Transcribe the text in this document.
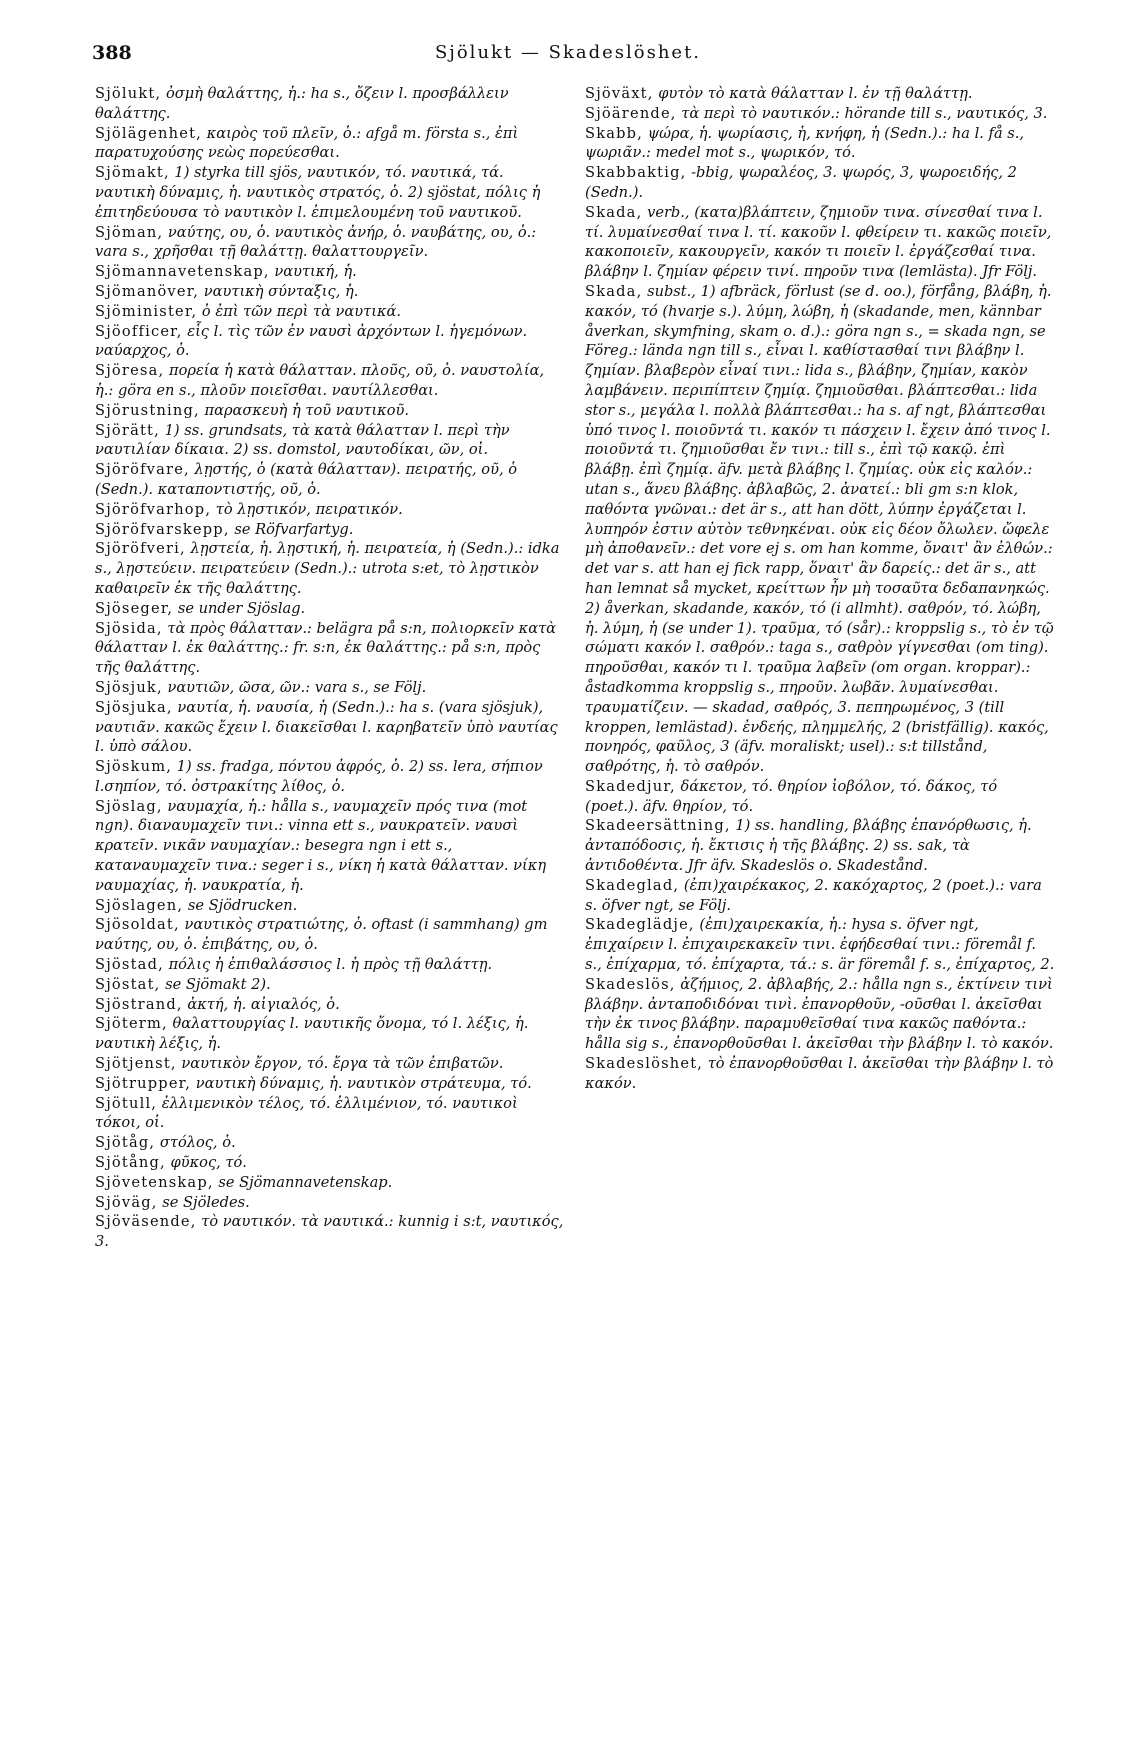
Sjölukt — Skadeslöshet.
388

Sjölukt, ὀσμὴ θαλάττης, ἡ.: ha s., ὄζειν l. προσβάλλειν θαλάττης.

Sjölägenhet, καιρὸς τοῦ πλεῖν, ὁ.: afgå m. första s., ἐπὶ παρατυχούσης νεὼς πορεύεσθαι.

Sjömakt, 1) styrka till sjös, ναυτικόν, τό. ναυτικά, τά. ναυτικὴ δύναμις, ἡ. ναυτικὸς στρατός, ὁ. 2) sjöstat, πόλις ἡ ἐπιτηδεύουσα τὸ ναυτικὸν l. ἐπιμελουμένη τοῦ ναυτικοῦ.

Sjöman, ναύτης, ου, ὁ. ναυτικὸς ἀνήρ, ὁ. ναυβάτης, ου, ὁ.: vara s., χρῆσθαι τῇ θαλάττῃ. θαλαττουργεῖν.

Sjömannavetenskap, ναυτική, ἡ.

Sjömanöver, ναυτικὴ σύνταξις, ἡ.

Sjöminister, ὁ ἐπὶ τῶν περὶ τὰ ναυτικά.

Sjöofficer, εἷς l. τὶς τῶν ἐν ναυσὶ ἀρχόντων l. ἡγεμόνων. ναύαρχος, ὁ.

Sjöresa, πορεία ἡ κατὰ θάλατταν. πλοῦς, οῦ, ὁ. ναυστολία, ἡ.: göra en s., πλοῦν ποιεῖσθαι. ναυτίλλεσθαι.

Sjörustning, παρασκευὴ ἡ τοῦ ναυτικοῦ.

Sjörätt, 1) ss. grundsats, τὰ κατὰ θάλατταν l. περὶ τὴν ναυτιλίαν δίκαια. 2) ss. domstol, ναυτοδίκαι, ῶν, οἱ.

Sjöröfvare, λῃστής, ὁ (κατὰ θάλατταν). πειρατής, οῦ, ὁ (Sedn.). καταποντιστής, οῦ, ὁ.

Sjöröfvarhop, τὸ λῃστικόν, πειρατικόν.

Sjöröfvarskepp, se Röfvarfartyg.

Sjöröfveri, λῃστεία, ἡ. λῃστική, ἡ. πειρατεία, ἡ (Sedn.).: idka s., λῃστεύειν. πειρατεύειν (Sedn.).: utrota s:et, τὸ λῃστικὸν καθαιρεῖν ἐκ τῆς θαλάττης.

Sjöseger, se under Sjöslag.

Sjösida, τὰ πρὸς θάλατταν.: belägra på s:n, πολιορκεῖν κατὰ θάλατταν l. ἐκ θαλάττης.: fr. s:n, ἐκ θαλάττης.: på s:n, πρὸς τῆς θαλάττης.

Sjösjuk, ναυτιῶν, ῶσα, ῶν.: vara s., se Följ.

Sjösjuka, ναυτία, ἡ. ναυσία, ἡ (Sedn.).: ha s. (vara sjösjuk), ναυτιᾶν. κακῶς ἔχειν l. διακεῖσθαι l. καρηβατεῖν ὑπὸ ναυτίας l. ὑπὸ σάλου.

Sjöskum, 1) ss. fradga, πόντου ἀφρός, ὁ. 2) ss. lera, σήπιον l.σηπίον, τό. ὀστρακίτης λίθος, ὁ.

Sjöslag, ναυμαχία, ἡ.: hålla s., ναυμαχεῖν πρός τινα (mot ngn). διαναυμαχεῖν τινι.: vinna ett s., ναυκρατεῖν. ναυσὶ κρατεῖν. νικᾶν ναυμαχίαν.: besegra ngn i ett s., καταναυμαχεῖν τινα.: seger i s., νίκη ἡ κατὰ θάλατταν. νίκη ναυμαχίας, ἡ. ναυκρατία, ἡ.

Sjöslagen, se Sjödrucken.

Sjösoldat, ναυτικὸς στρατιώτης, ὁ. oftast (i sammhang) gm ναύτης, ου, ὁ. ἐπιβάτης, ου, ὁ.

Sjöstad, πόλις ἡ ἐπιθαλάσσιος l. ἡ πρὸς τῇ θαλάττῃ.

Sjöstat, se Sjömakt 2).

Sjöstrand, ἀκτή, ἡ. αἰγιαλός, ὁ.

Sjöterm, θαλαττουργίας l. ναυτικῆς ὄνομα, τό l. λέξις, ἡ. ναυτικὴ λέξις, ἡ.

Sjötjenst, ναυτικὸν ἔργον, τό. ἔργα τὰ τῶν ἐπιβατῶν.

Sjötrupper, ναυτικὴ δύναμις, ἡ. ναυτικὸν στράτευμα, τό.

Sjötull, ἐλλιμενικὸν τέλος, τό. ἐλλιμένιον, τό. ναυτικοὶ τόκοι, οἱ.

Sjötåg, στόλος, ὁ.

Sjötång, φῦκος, τό.

Sjövetenskap, se Sjömannavetenskap.

Sjöväg, se Sjöledes.

Sjöväsende, τὸ ναυτικόν. τὰ ναυτικά.: kunnig i s:t, ναυτικός, 3.

Sjöväxt, φυτὸν τὸ κατὰ θάλατταν l. ἐν τῇ θαλάττῃ.

Sjöärende, τὰ περὶ τὸ ναυτικόν.: hörande till s., ναυτικός, 3.

Skabb, ψώρα, ἡ. ψωρίασις, ἡ, κνήφη, ἡ (Sedn.).: ha l. få s., ψωριᾶν.: medel mot s., ψωρικόν, τό.

Skabbaktig, -bbig, ψωραλέος, 3. ψωρός, 3, ψωροειδής, 2 (Sedn.).

Skada, verb., (κατα)βλάπτειν, ζημιοῦν τινα. σίνεσθαί τινα l. τί. λυμαίνεσθαί τινα l. τί. κακοῦν l. φθείρειν τι. κακῶς ποιεῖν, κακοποιεῖν, κακουργεῖν, κακόν τι ποιεῖν l. ἐργάζεσθαί τινα. βλάβην l. ζημίαν φέρειν τινί. πηροῦν τινα (lemlästa). Jfr Följ.

Skada, subst., 1) afbräck, förlust (se d. oo.), förfång, βλάβη, ἡ. κακόν, τό (hvarje s.). λύμη, λώβη, ἡ (skadande, men, kännbar åverkan, skymfning, skam o. d.).: göra ngn s., = skada ngn, se Föreg.: lända ngn till s., εἶναι l. καθίστασθαί τινι βλάβην l. ζημίαν. βλαβερὸν εἶναί τινι.: lida s., βλάβην, ζημίαν, κακὸν λαμβάνειν. περιπίπτειν ζημίᾳ. ζημιοῦσθαι. βλάπτεσθαι.: lida stor s., μεγάλα l. πολλὰ βλάπτεσθαι.: ha s. af ngt, βλάπτεσθαι ὑπό τινος l. ποιοῦντά τι. κακόν τι πάσχειν l. ἔχειν ἀπό τινος l. ποιοῦντά τι. ζημιοῦσθαι ἔν τινι.: till s., ἐπὶ τῷ κακῷ. ἐπὶ βλάβῃ. ἐπὶ ζημίᾳ. äfv. μετὰ βλάβης l. ζημίας. οὐκ εἰς καλόν.: utan s., ἄνευ βλάβης. ἀβλαβῶς, 2. ἀνατεί.: bli gm s:n klok, παθόντα γνῶναι.: det är s., att han dött, λύπην ἐργάζεται l. λυπηρόν ἐστιν αὐτὸν τεθνηκέναι. οὐκ εἰς δέον ὄλωλεν. ὤφελε μὴ ἀποθανεῖν.: det vore ej s. om han komme, ὅναιτ' ἂν ἐλθών.: det var s. att han ej fick rapp, ὅναιτ' ἂν δαρείς.: det är s., att han lemnat så mycket, κρείττων ἦν μὴ τοσαῦτα δεδαπανηκώς. 2) åverkan, skadande, κακόν, τό (i allmht). σαθρόν, τό. λώβη, ἡ. λύμη, ἡ (se under 1). τραῦμα, τό (sår).: kroppslig s., τὸ ἐν τῷ σώματι κακόν l. σαθρόν.: taga s., σαθρὸν γίγνεσθαι (om ting). πηροῦσθαι, κακόν τι l. τραῦμα λαβεῖν (om organ. kroppar).: åstadkomma kroppslig s., πηροῦν. λωβᾶν. λυμαίνεσθαι. τραυματίζειν. — skadad, σαθρός, 3. πεπηρωμένος, 3 (till kroppen, lemlästad). ἐνδεής, πλημμελής, 2 (bristfällig). κακός, πονηρός, φαῦλος, 3 (äfv. moraliskt; usel).: s:t tillstånd, σαθρότης, ἡ. τὸ σαθρόν.

Skadedjur, δάκετον, τό. θηρίον ἰοβόλον, τό. δάκος, τό (poet.). äfv. θηρίον, τό.

Skadeersättning, 1) ss. handling, βλάβης ἐπανόρθωσις, ἡ. ἀνταπόδοσις, ἡ. ἔκτισις ἡ τῆς βλάβης. 2) ss. sak, τὰ ἀντιδοθέντα. Jfr äfv. Skadeslös o. Skadestånd.

Skadeglad, (ἐπι)χαιρέκακος, 2. κακόχαρτος, 2 (poet.).: vara s. öfver ngt, se Följ.

Skadeglädje, (ἐπι)χαιρεκακία, ἡ.: hysa s. öfver ngt, ἐπιχαίρειν l. ἐπιχαιρεκακεῖν τινι. ἐφήδεσθαί τινι.: föremål f. s., ἐπίχαρμα, τό. ἐπίχαρτα, τά.: s. är föremål f. s., ἐπίχαρτος, 2.

Skadeslös, ἀζήμιος, 2. ἀβλαβής, 2.: hålla ngn s., ἐκτίνειν τινὶ βλάβην. ἀνταποδιδόναι τινὶ. ἐπανορθοῦν, -οῦσθαι l. ἀκεῖσθαι τὴν ἐκ τινος βλάβην. παραμυθεῖσθαί τινα κακῶς παθόντα.: hålla sig s., ἐπανορθοῦσθαι l. ἀκεῖσθαι τὴν βλάβην l. τὸ κακόν.

Skadeslöshet, τὸ ἐπανορθοῦσθαι l. ἀκεῖσθαι τὴν βλάβην l. τὸ κακόν.
